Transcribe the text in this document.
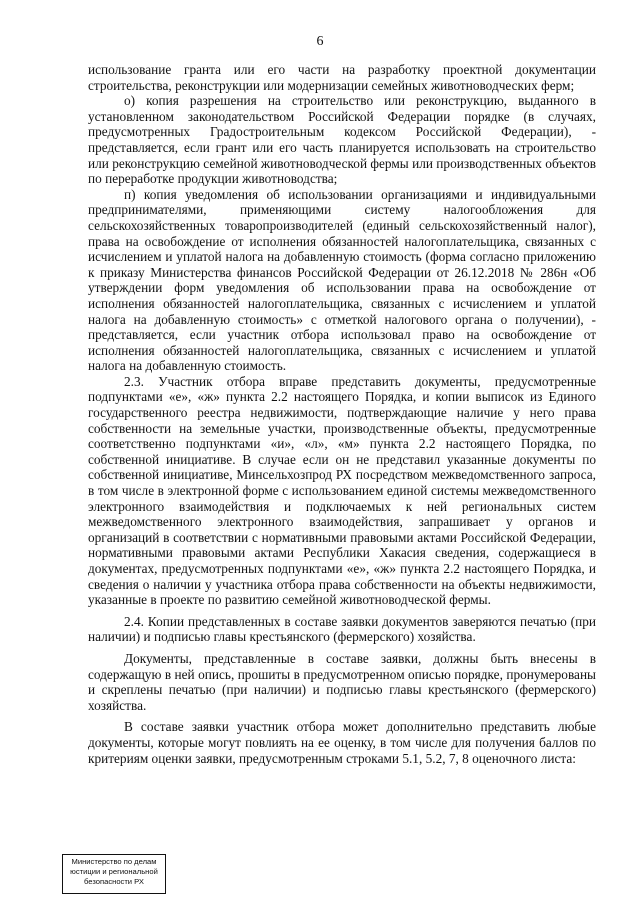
6

использование гранта или его части на разработку проектной документации строительства, реконструкции или модернизации семейных животноводческих ферм;

о) копия разрешения на строительство или реконструкцию, выданного в установленном законодательством Российской Федерации порядке (в случаях, предусмотренных Градостроительным кодексом Российской Федерации), - представляется, если грант или его часть планируется использовать на строительство или реконструкцию семейной животноводческой фермы или производственных объектов по переработке продукции животноводства;

п) копия уведомления об использовании организациями и индивидуальными предпринимателями, применяющими систему налогообложения для сельскохозяйственных товаропроизводителей (единый сельскохозяйственный налог), права на освобождение от исполнения обязанностей налогоплательщика, связанных с исчислением и уплатой налога на добавленную стоимость (форма согласно приложению к приказу Министерства финансов Российской Федерации от 26.12.2018 № 286н «Об утверждении форм уведомления об использовании права на освобождение от исполнения обязанностей налогоплательщика, связанных с исчислением и уплатой налога на добавленную стоимость» с отметкой налогового органа о получении), - представляется, если участник отбора использовал право на освобождение от исполнения обязанностей налогоплательщика, связанных с исчислением и уплатой налога на добавленную стоимость.

2.3. Участник отбора вправе представить документы, предусмотренные подпунктами «е», «ж» пункта 2.2 настоящего Порядка, и копии выписок из Единого государственного реестра недвижимости, подтверждающие наличие у него права собственности на земельные участки, производственные объекты, предусмотренные соответственно подпунктами «и», «л», «м» пункта 2.2 настоящего Порядка, по собственной инициативе. В случае если он не представил указанные документы по собственной инициативе, Минсельхозпрод РХ посредством межведомственного запроса, в том числе в электронной форме с использованием единой системы межведомственного электронного взаимодействия и подключаемых к ней региональных систем межведомственного электронного взаимодействия, запрашивает у органов и организаций в соответствии с нормативными правовыми актами Российской Федерации, нормативными правовыми актами Республики Хакасия сведения, содержащиеся в документах, предусмотренных подпунктами «е», «ж» пункта 2.2 настоящего Порядка, и сведения о наличии у участника отбора права собственности на объекты недвижимости, указанные в проекте по развитию семейной животноводческой фермы.

2.4. Копии представленных в составе заявки документов заверяются печатью (при наличии) и подписью главы крестьянского (фермерского) хозяйства.

Документы, представленные в составе заявки, должны быть внесены в содержащую в ней опись, прошиты в предусмотренном описью порядке, пронумерованы и скреплены печатью (при наличии) и подписью главы крестьянского (фермерского) хозяйства.

В составе заявки участник отбора может дополнительно представить любые документы, которые могут повлиять на ее оценку, в том числе для получения баллов по критериям оценки заявки, предусмотренным строками 5.1, 5.2, 7, 8 оценочного листа:

Министерство по делам
юстиции и региональной
безопасности РХ
